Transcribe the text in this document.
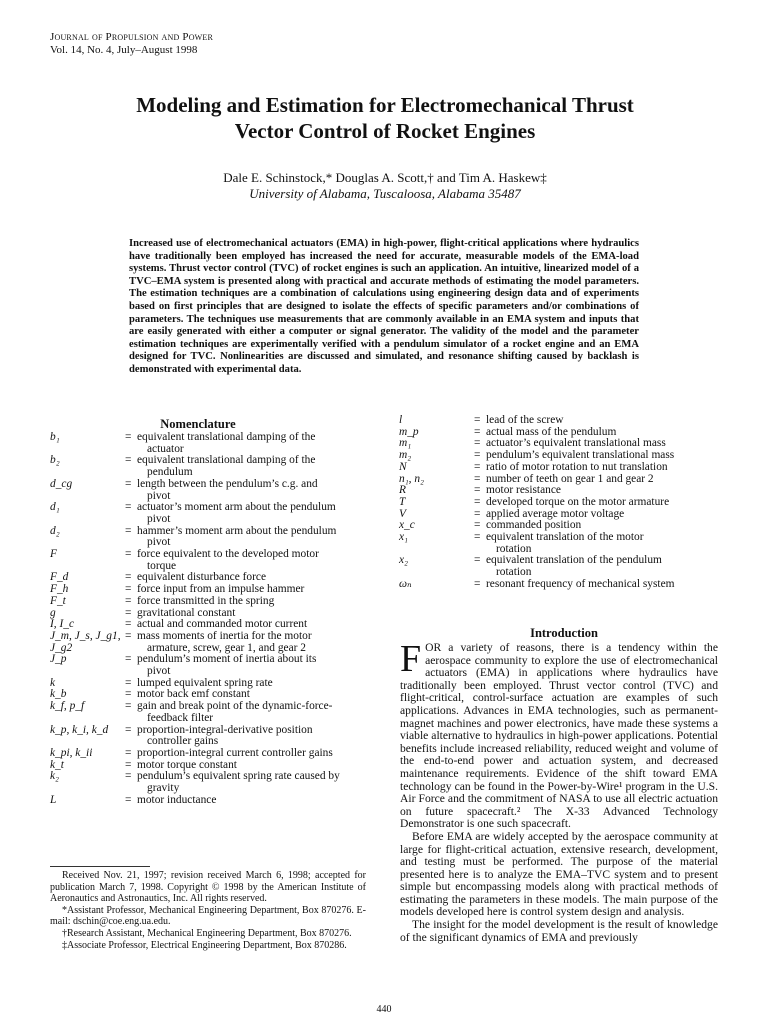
Journal of Propulsion and Power
Vol. 14, No. 4, July–August 1998
Modeling and Estimation for Electromechanical Thrust
Vector Control of Rocket Engines
Dale E. Schinstock,* Douglas A. Scott,† and Tim A. Haskew‡
University of Alabama, Tuscaloosa, Alabama 35487
Increased use of electromechanical actuators (EMA) in high-power, flight-critical applications where hydraulics have traditionally been employed has increased the need for accurate, measurable models of the EMA-load systems. Thrust vector control (TVC) of rocket engines is such an application. An intuitive, linearized model of a TVC–EMA system is presented along with practical and accurate methods of estimating the model parameters. The estimation techniques are a combination of calculations using engineering design data and of experiments based on first principles that are designed to isolate the effects of specific parameters and/or combinations of parameters. The techniques use measurements that are commonly available in an EMA system and inputs that are easily generated with either a computer or signal generator. The validity of the model and the parameter estimation techniques are experimentally verified with a pendulum simulator of a rocket engine and an EMA designed for TVC. Nonlinearities are discussed and simulated, and resonance shifting caused by backlash is demonstrated with experimental data.
Nomenclature
b₁	= equivalent translational damping of the
actuator
b₂	= equivalent translational damping of the
pendulum
d_cg	= length between the pendulum’s c.g. and
pivot
d₁	= actuator’s moment arm about the pendulum
pivot
d₂	= hammer’s moment arm about the pendulum
pivot
F	= force equivalent to the developed motor
torque
F_d	= equivalent disturbance force
F_h	= force input from an impulse hammer
F_t	= force transmitted in the spring
g	= gravitational constant
I, I_c	= actual and commanded motor current
J_m, J_s, J_g1, J_g2
= mass moments of inertia for the motor
armature, screw, gear 1, and gear 2
J_p	= pendulum’s moment of inertia about its
pivot
k	= lumped equivalent spring rate
k_b	= motor back emf constant
k_f, p_f	= gain and break point of the dynamic-force-
feedback filter
k_p, k_i, k_d	= proportion-integral-derivative position
controller gains
k_pi, k_ii	= proportion-integral current controller gains
k_t	= motor torque constant
k₂	= pendulum’s equivalent spring rate caused by
gravity
L	= motor inductance
l	= lead of the screw
m_p	= actual mass of the pendulum
m₁	= actuator’s equivalent translational mass
m₂	= pendulum’s equivalent translational mass
N	= ratio of motor rotation to nut translation
n₁, n₂	= number of teeth on gear 1 and gear 2
R	= motor resistance
T	= developed torque on the motor armature
V	= applied average motor voltage
x_c	= commanded position
x₁	= equivalent translation of the motor
rotation
x₂	= equivalent translation of the pendulum
rotation
ωₙ	= resonant frequency of mechanical system

Received Nov. 21, 1997; revision received March 6, 1998; accepted for publication March 7, 1998. Copyright © 1998 by the American Institute of Aeronautics and Astronautics, Inc. All rights reserved.

*Assistant Professor, Mechanical Engineering Department, Box 870276. E-mail: dschin@coe.eng.ua.edu.

†Research Assistant, Mechanical Engineering Department, Box 870276.

‡Associate Professor, Electrical Engineering Department, Box 870286.

Introduction

FOR a variety of reasons, there is a tendency within the aerospace community to explore the use of electromechanical actuators (EMA) in applications where hydraulics have traditionally been employed. Thrust vector control (TVC) and flight-critical, control-surface actuation are examples of such applications. Advances in EMA technologies, such as permanent-magnet machines and power electronics, have made these systems a viable alternative to hydraulics in high-power applications. Potential benefits include increased reliability, reduced weight and volume of the end-to-end power and actuation system, and decreased maintenance requirements. Evidence of the shift toward EMA technology can be found in the Power-by-Wire¹ program in the U.S. Air Force and the commitment of NASA to use all electric actuation on future spacecraft.² The X-33 Advanced Technology Demonstrator is one such spacecraft.

Before EMA are widely accepted by the aerospace community at large for flight-critical actuation, extensive research, development, and testing must be performed. The purpose of the material presented here is to analyze the EMA–TVC system and to present simple but encompassing models along with practical methods of estimating the parameters in these models. The main purpose of the models developed here is control system design and analysis.

The insight for the model development is the result of knowledge of the significant dynamics of EMA and previously

440
